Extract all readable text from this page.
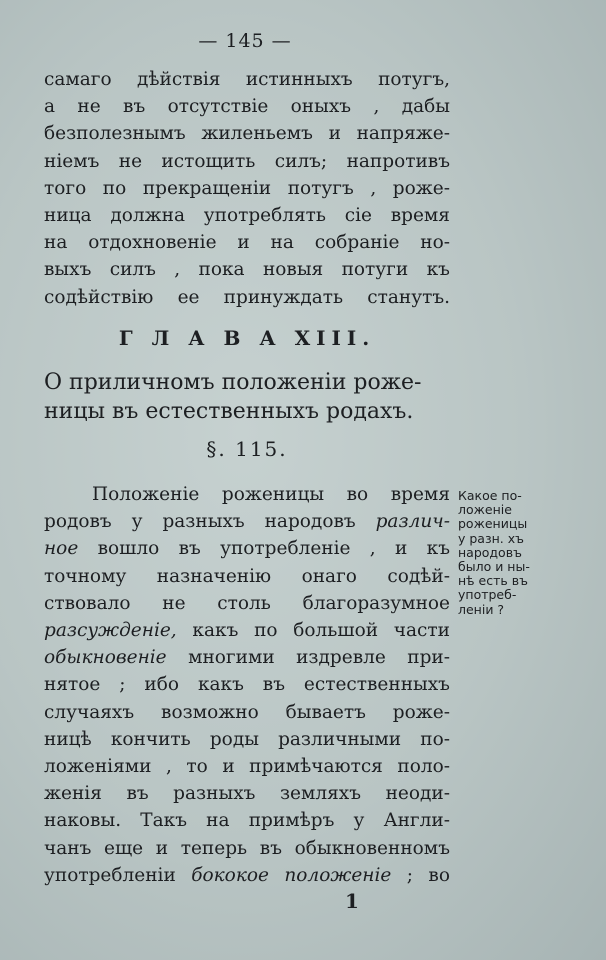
— 145 —
самаго дѣйствія истинныхъ потугъ,
а не въ отсутствіе оныхъ , дабы
безполезнымъ жиленьемъ и напряже-
ніемъ не истощить силъ; напротивъ
того по прекращеніи потугъ , роже-
ница должна употреблять сіе время
на отдохновеніе и на собраніе но-
выхъ силъ , пока новыя потуги къ
содѣйствію ее принуждать станутъ.
Г Л А В А XIII.
О приличномъ положеніи роже-
ницы въ естественныхъ родахъ.
§. 115.
Положеніе роженицы во время
родовъ у разныхъ народовъ различ-
ное вошло въ употребленіе , и къ
точному назначенію онаго содѣй-
ствовало не столь благоразумное
разсужденіе, какъ по большой части
обыкновеніе многими издревле при-
нятое ; ибо какъ въ естественныхъ
случаяхъ возможно бываетъ роже-
ницѣ кончить роды различными по-
ложеніями , то и примѣчаются поло-
женія въ разныхъ земляхъ неоди-
наковы. Такъ на примѣръ у Англи-
чанъ еще и теперь въ обыкновенномъ
употребленіи бококое положеніе ; во
Какое по-
ложеніе
роженицы
у разн. хъ
народовъ
было и ны-
нѣ есть въ
употреб-
леніи ?
1
